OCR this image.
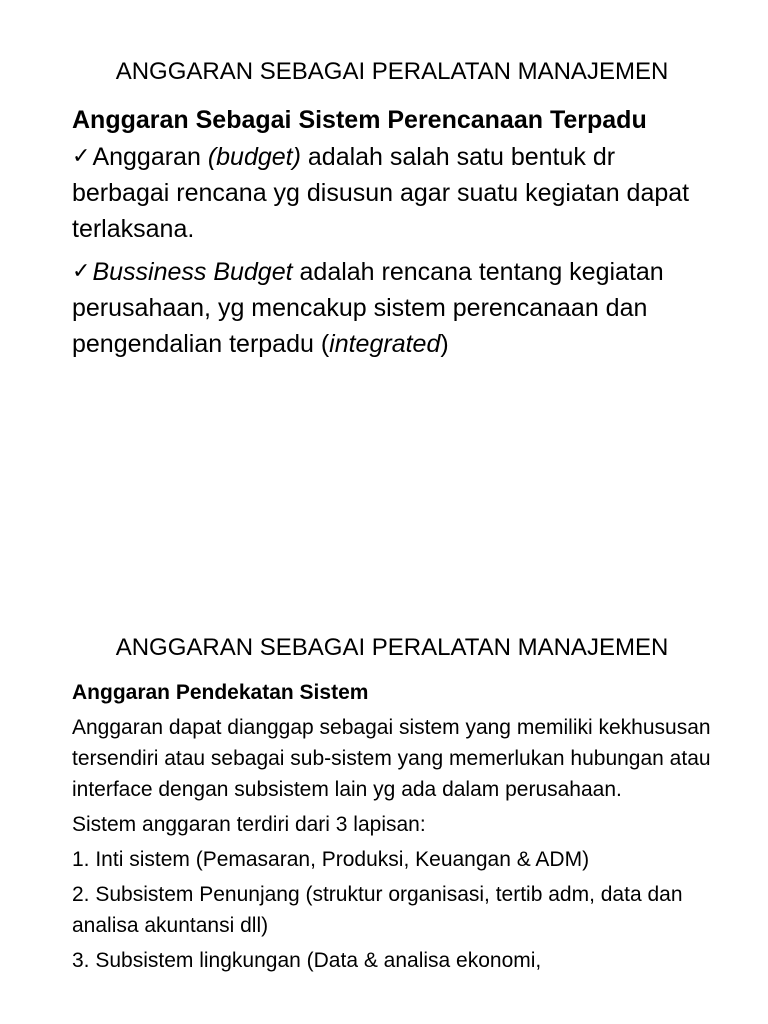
ANGGARAN SEBAGAI PERALATAN MANAJEMEN

Anggaran Sebagai Sistem Perencanaan Terpadu

✓Anggaran (budget) adalah salah satu bentuk dr berbagai rencana yg disusun agar suatu kegiatan dapat terlaksana.

✓Bussiness Budget adalah rencana tentang kegiatan perusahaan, yg mencakup sistem perencanaan dan pengendalian terpadu (integrated)

ANGGARAN SEBAGAI PERALATAN MANAJEMEN

Anggaran Pendekatan Sistem

Anggaran dapat dianggap sebagai sistem yang memiliki kekhususan tersendiri atau sebagai sub-sistem yang memerlukan hubungan atau interface dengan subsistem lain yg ada dalam perusahaan.

Sistem anggaran terdiri dari 3 lapisan:

1. Inti sistem (Pemasaran, Produksi, Keuangan & ADM)

2. Subsistem Penunjang (struktur organisasi, tertib adm, data dan analisa akuntansi dll)

3. Subsistem lingkungan (Data & analisa ekonomi,
